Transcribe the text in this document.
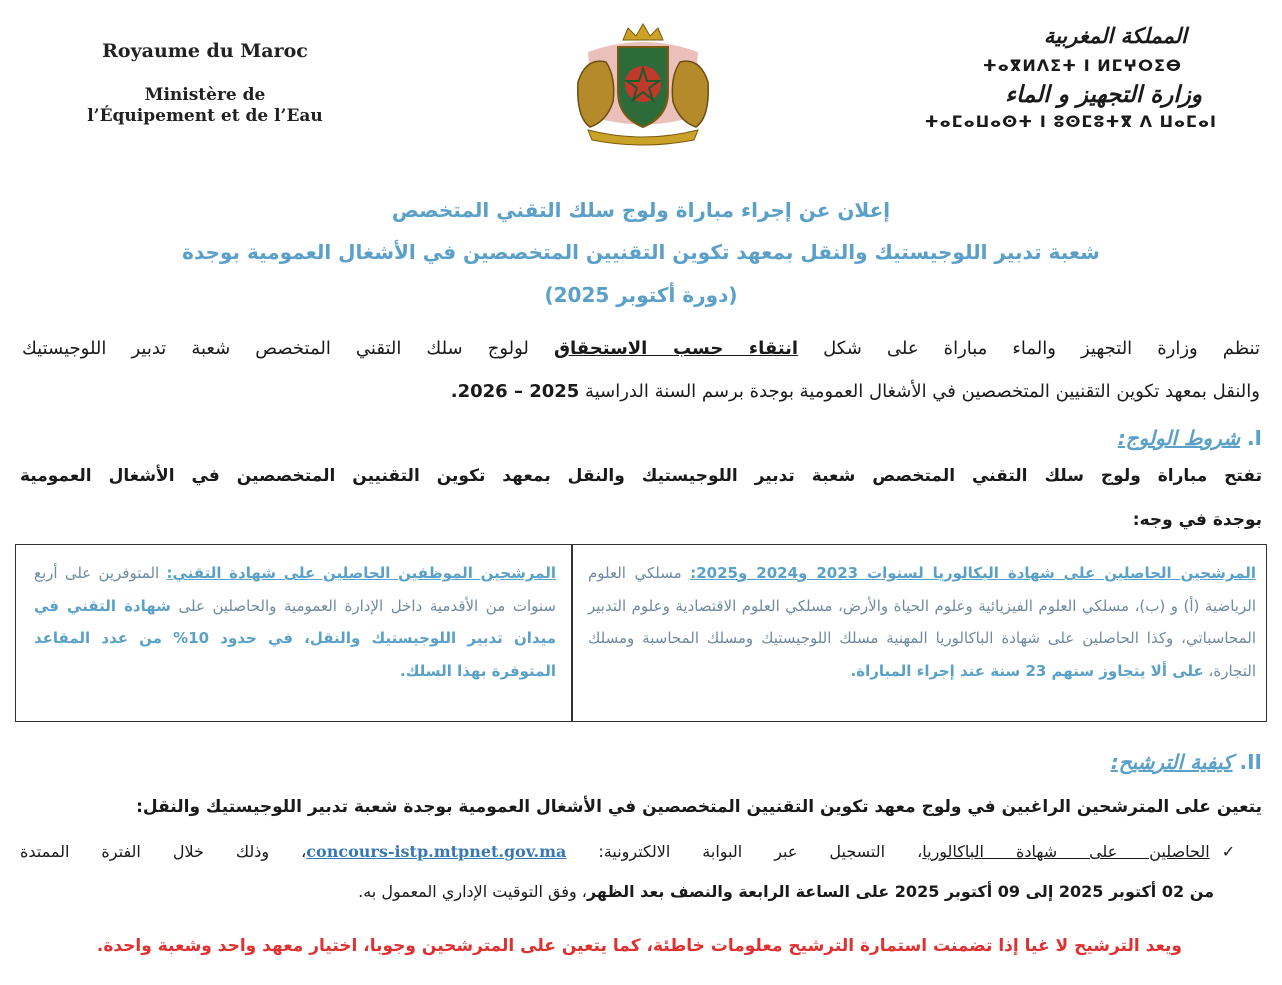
Royaume du Maroc
Ministère de
l’Équipement et de l’Eau
المملكة المغربية
ⵜⴰⴳⵍⴷⵉⵜ ⵏ ⵍⵎⵖⵔⵉⴱ
وزارة التجهيز و الماء
ⵜⴰⵎⴰⵡⴰⵙⵜ ⵏ ⵓⵙⵎⵓⵜⴳ ⴷ ⵡⴰⵎⴰⵏ
إعلان عن إجراء مباراة ولوج سلك التقني المتخصص
شعبة تدبير اللوجيستيك والنقل بمعهد تكوين التقنيين المتخصصين في الأشغال العمومية بوجدة
(دورة أكتوبر 2025)
تنظم وزارة التجهيز والماء مباراة على شكل انتقاء حسب الاستحقاق لولوج سلك التقني المتخصص شعبة تدبير اللوجيستيك
والنقل بمعهد تكوين التقنيين المتخصصين في الأشغال العمومية بوجدة برسم السنة الدراسية 2025 – 2026.
I. شروط الولوج:
تفتح مباراة ولوج سلك التقني المتخصص شعبة تدبير اللوجيستيك والنقل بمعهد تكوين التقنيين المتخصصين في الأشغال العمومية
بوجدة في وجه:
المرشحين الحاصلين على شهادة البكالوريا لسنوات 2023 و2024 و2025: مسلكي العلوم الرياضية (أ) و (ب)، مسلكي العلوم الفيزيائية وعلوم الحياة والأرض، مسلكي العلوم الاقتصادية وعلوم التدبير المحاسباتي، وكذا الحاصلين على شهادة الباكالوريا المهنية مسلك اللوجيستيك ومسلك المحاسبة ومسلك التجارة، على ألا يتجاوز سنهم 23 سنة عند إجراء المباراة.
المرشحين الموظفين الحاصلين على شهادة التقني: المتوفرين على أربع سنوات من الأقدمية داخل الإدارة العمومية والحاصلين على شهادة التقني في ميدان تدبير اللوجيستيك والنقل، في حدود 10% من عدد المقاعد المتوفرة بهذا السلك.
II. كيفية الترشيح:
يتعين على المترشحين الراغبين في ولوج معهد تكوين التقنيين المتخصصين في الأشغال العمومية بوجدة شعبة تدبير اللوجيستيك والنقل:
✓الحاصلين على شهادة الباكالوريا، التسجيل عبر البوابة الالكترونية: concours-istp.mtpnet.gov.ma، وذلك خلال الفترة الممتدة
من 02 أكتوبر 2025 إلى 09 أكتوبر 2025 على الساعة الرابعة والنصف بعد الظهر، وفق التوقيت الإداري المعمول به.
ويعد الترشيح لا غيا إذا تضمنت استمارة الترشيح معلومات خاطئة، كما يتعين على المترشحين وجوبا، اختيار معهد واحد وشعبة واحدة.
